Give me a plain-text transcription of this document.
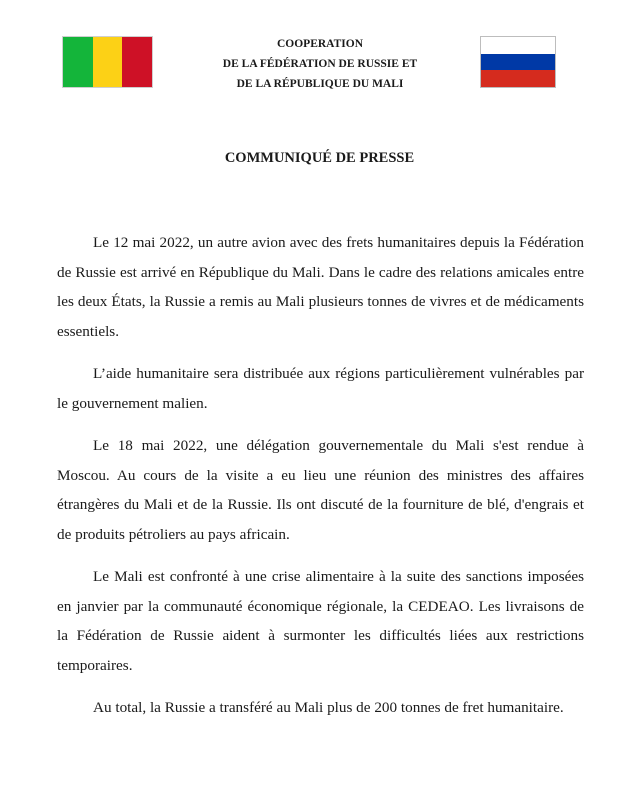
COOPERATION
DE LA FÉDÉRATION DE RUSSIE ET
DE LA RÉPUBLIQUE DU MALI
COMMUNIQUÉ DE PRESSE

Le 12 mai 2022, un autre avion avec des frets humanitaires depuis la Fédération de Russie est arrivé en République du Mali. Dans le cadre des relations amicales entre les deux États, la Russie a remis au Mali plusieurs tonnes de vivres et de médicaments essentiels.

L’aide humanitaire sera distribuée aux régions particulièrement vulnérables par le gouvernement malien.

Le 18 mai 2022, une délégation gouvernementale du Mali s'est rendue à Moscou. Au cours de la visite a eu lieu une réunion des ministres des affaires étrangères du Mali et de la Russie. Ils ont discuté de la fourniture de blé, d'engrais et de produits pétroliers au pays africain.

Le Mali est confronté à une crise alimentaire à la suite des sanctions imposées en janvier par la communauté économique régionale, la CEDEAO. Les livraisons de la Fédération de Russie aident à surmonter les difficultés liées aux restrictions temporaires.

Au total, la Russie a transféré au Mali plus de 200 tonnes de fret humanitaire.
